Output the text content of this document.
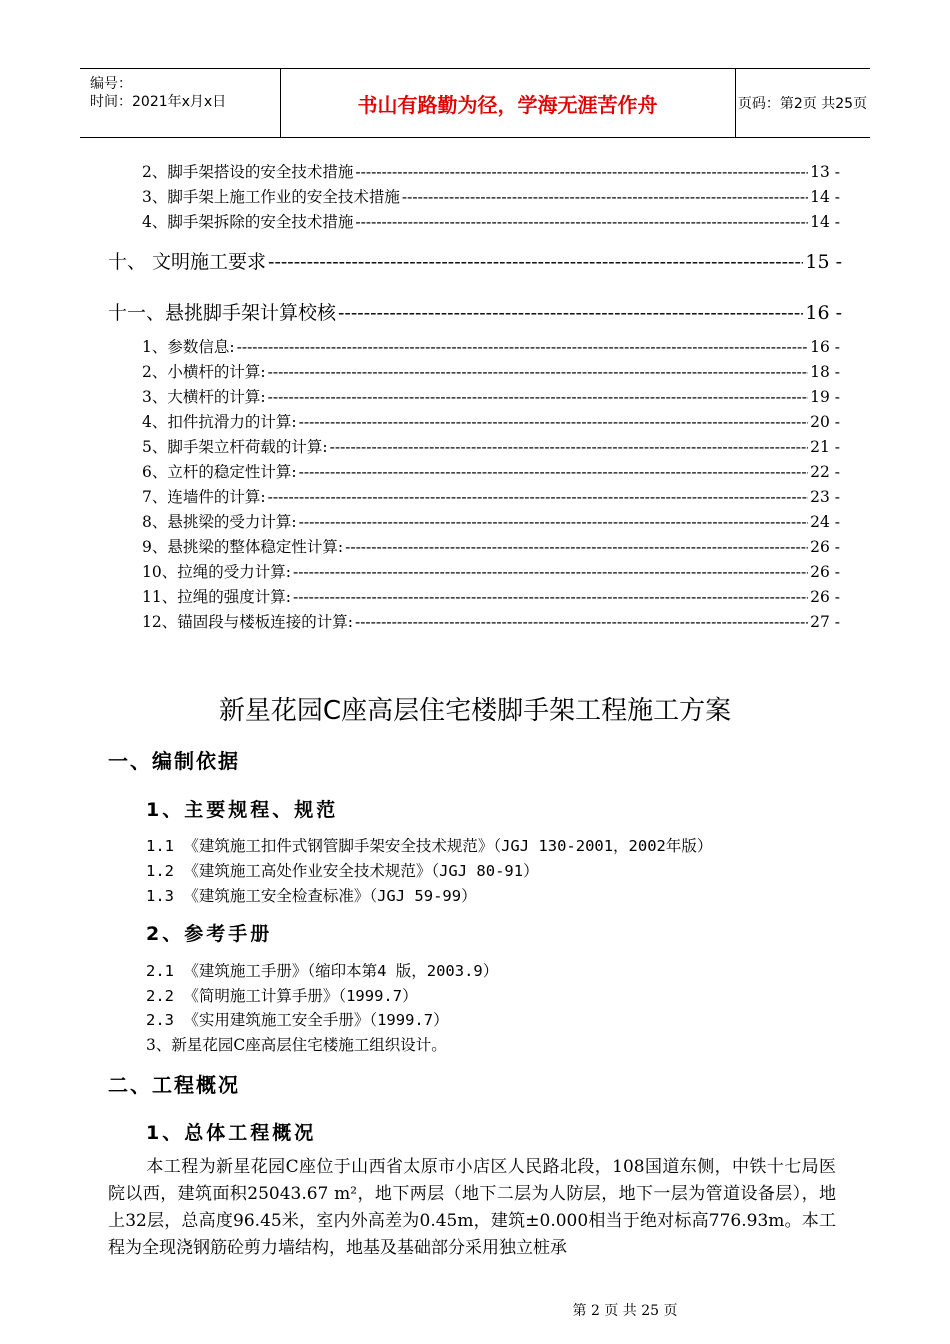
编号：
时间：2021年x月x日	书山有路勤为径，学海无涯苦作舟	页码：第2页 共25页
2、脚手架搭设的安全技术措施 -----	13 -
3、脚手架上施工作业的安全技术措施 -----	14 -
4、脚手架拆除的安全技术措施 -----	14 -
十、 文明施工要求 -----	15 -
十一、悬挑脚手架计算校核 -----	16 -
1、参数信息: -----	16 -
2、小横杆的计算: -----	18 -
3、大横杆的计算: -----	19 -
4、扣件抗滑力的计算: -----	20 -
5、脚手架立杆荷载的计算: -----	21 -
6、立杆的稳定性计算: -----	22 -
7、连墙件的计算: -----	23 -
8、悬挑梁的受力计算: -----	24 -
9、悬挑梁的整体稳定性计算: -----	26 -
10、拉绳的受力计算: -----	26 -
11、拉绳的强度计算: -----	26 -
12、锚固段与楼板连接的计算: -----	27 -
新星花园C座高层住宅楼脚手架工程施工方案
一、编制依据
1、主要规程、规范
1.1 《建筑施工扣件式钢管脚手架安全技术规范》（JGJ 130-2001，2002年版）
1.2 《建筑施工高处作业安全技术规范》（JGJ 80-91）
1.3 《建筑施工安全检查标准》（JGJ 59-99）
2、参考手册
2.1 《建筑施工手册》（缩印本第4 版，2003.9）
2.2 《简明施工计算手册》（1999.7）
2.3 《实用建筑施工安全手册》（1999.7）
3、新星花园C座高层住宅楼施工组织设计。
二、工程概况
1、总体工程概况
本工程为新星花园C座位于山西省太原市小店区人民路北段，108国道东侧，中铁十七局医院以西，建筑面积25043.67 m²，地下两层（地下二层为人防层，地下一层为管道设备层），地上32层，总高度96.45米，室内外高差为0.45m，建筑±0.000相当于绝对标高776.93m。本工程为全现浇钢筋砼剪力墙结构，地基及基础部分采用独立桩承
第 2 页 共 25 页
